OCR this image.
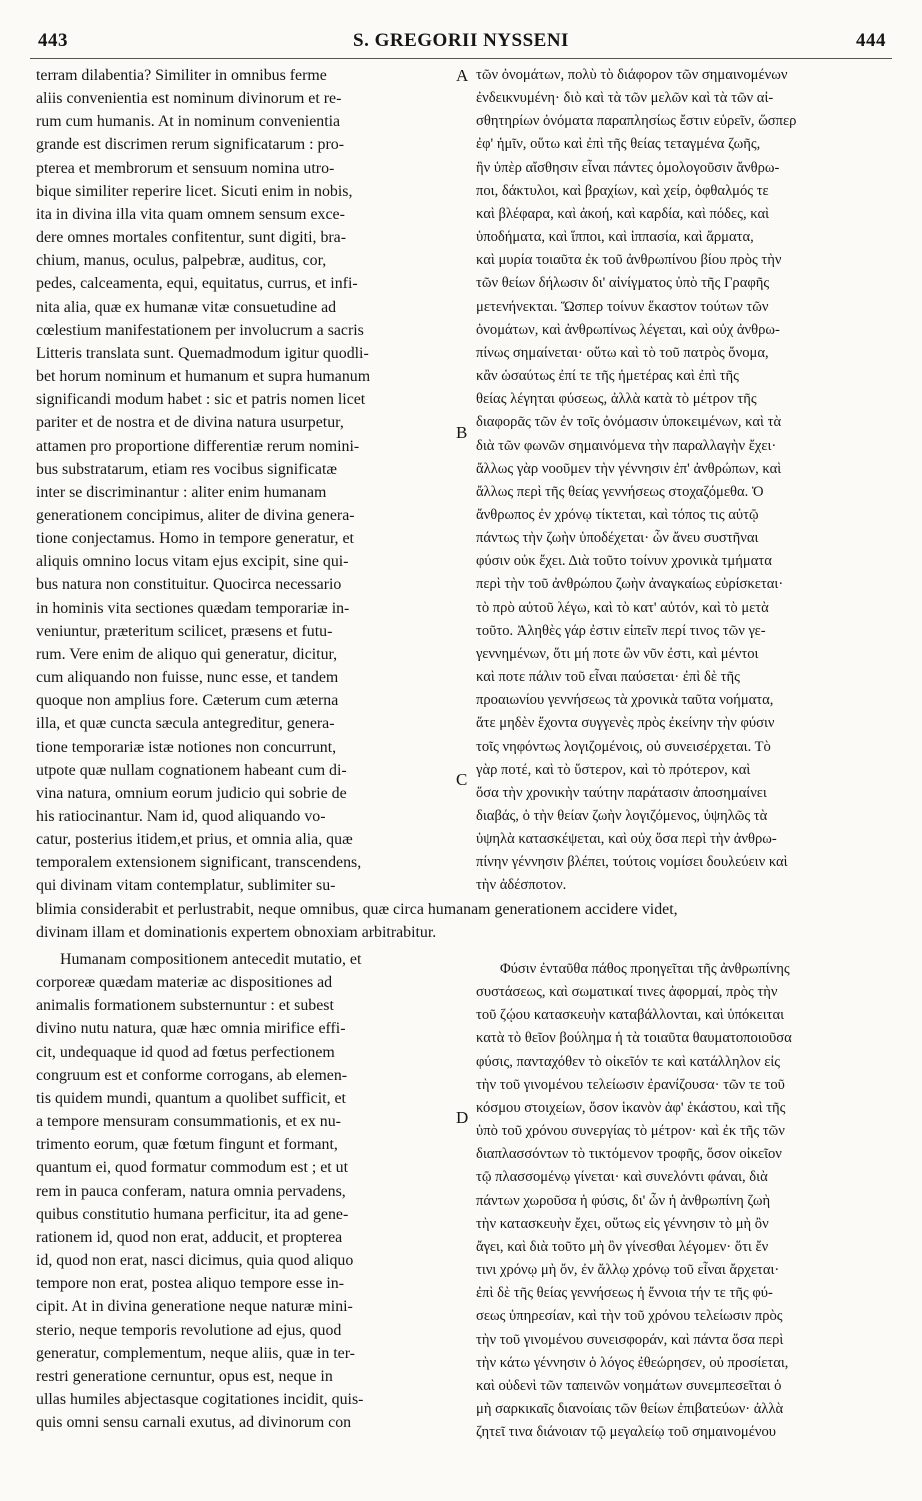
443	S. GREGORII NYSSENI	444
terram dilabentia? Similiter in omnibus ferme
aliis convenientia est nominum divinorum et re-
rum cum humanis. At in nominum convenientia
grande est discrimen rerum significatarum : pro-
pterea et membrorum et sensuum nomina utro-
bique similiter reperire licet. Sicuti enim in nobis,
ita in divina illa vita quam omnem sensum exce-
dere omnes mortales confitentur, sunt digiti, bra-
chium, manus, oculus, palpebræ, auditus, cor,
pedes, calceamenta, equi, equitatus, currus, et infi-
nita alia, quæ ex humanæ vitæ consuetudine ad
cœlestium manifestationem per involucrum a sacris
Litteris translata sunt. Quemadmodum igitur quodli-
bet horum nominum et humanum et supra humanum
significandi modum habet : sic et patris nomen licet
pariter et de nostra et de divina natura usurpetur,
attamen pro proportione differentiæ rerum nomini-
bus substratarum, etiam res vocibus significatæ
inter se discriminantur : aliter enim humanam
generationem concipimus, aliter de divina genera-
tione conjectamus. Homo in tempore generatur, et
aliquis omnino locus vitam ejus excipit, sine qui-
bus natura non constituitur. Quocirca necessario
in hominis vita sectiones quædam temporariæ in-
veniuntur, præteritum scilicet, præsens et futu-
rum. Vere enim de aliquo qui generatur, dicitur,
cum aliquando non fuisse, nunc esse, et tandem
quoque non amplius fore. Cæterum cum æterna
illa, et quæ cuncta sæcula antegreditur, genera-
tione temporariæ istæ notiones non concurrunt,
utpote quæ nullam cognationem habeant cum di-
vina natura, omnium eorum judicio qui sobrie de
his ratiocinantur. Nam id, quod aliquando vo-
catur, posterius itidem,et prius, et omnia alia, quæ
temporalem extensionem significant, transcendens,
qui divinam vitam contemplatur, sublimiter su-
τῶν ὀνομάτων, πολὺ τὸ διάφορον τῶν σημαινομένων
ἐνδεικνυμένη· διὸ καὶ τὰ τῶν μελῶν καὶ τὰ τῶν αἰ-
σθητηρίων ὀνόματα παραπλησίως ἔστιν εὑρεῖν, ὥσπερ
ἐφ' ἡμῖν, οὕτω καὶ ἐπὶ τῆς θείας τεταγμένα ζωῆς,
ἣν ὑπὲρ αἴσθησιν εἶναι πάντες ὁμολογοῦσιν ἄνθρω-
ποι, δάκτυλοι, καὶ βραχίων, καὶ χείρ, ὀφθαλμός τε
καὶ βλέφαρα, καὶ ἀκοή, καὶ καρδία, καὶ πόδες, καὶ
ὑποδήματα, καὶ ἵπποι, καὶ ἱππασία, καὶ ἅρματα,
καὶ μυρία τοιαῦτα ἐκ τοῦ ἀνθρωπίνου βίου πρὸς τὴν
τῶν θείων δήλωσιν δι' αἰνίγματος ὑπὸ τῆς Γραφῆς
μετενήνεκται. Ὥσπερ τοίνυν ἕκαστον τούτων τῶν
ὀνομάτων, καὶ ἀνθρωπίνως λέγεται, καὶ οὐχ ἀνθρω-
πίνως σημαίνεται· οὕτω καὶ τὸ τοῦ πατρὸς ὄνομα,
κἂν ὡσαύτως ἐπί τε τῆς ἡμετέρας καὶ ἐπὶ τῆς
θείας λέγηται φύσεως, ἀλλὰ κατὰ τὸ μέτρον τῆς
διαφορᾶς τῶν ἐν τοῖς ὀνόμασιν ὑποκειμένων, καὶ τὰ
διὰ τῶν φωνῶν σημαινόμενα τὴν παραλλαγὴν ἔχει·
ἄλλως γὰρ νοοῦμεν τὴν γέννησιν ἐπ' ἀνθρώπων, καὶ
ἄλλως περὶ τῆς θείας γεννήσεως στοχαζόμεθα. Ὁ
ἄνθρωπος ἐν χρόνῳ τίκτεται, καὶ τόπος τις αὐτῷ
πάντως τὴν ζωὴν ὑποδέχεται· ὧν ἄνευ συστῆναι
φύσιν οὐκ ἔχει. Διὰ τοῦτο τοίνυν χρονικὰ τμήματα
περὶ τὴν τοῦ ἀνθρώπου ζωὴν ἀναγκαίως εὑρίσκεται·
τὸ πρὸ αὐτοῦ λέγω, καὶ τὸ κατ' αὐτόν, καὶ τὸ μετὰ
τοῦτο. Ἀληθὲς γάρ ἐστιν εἰπεῖν περί τινος τῶν γε-
γεννημένων, ὅτι μή ποτε ὢν νῦν ἐστι, καὶ μέντοι
καὶ ποτε πάλιν τοῦ εἶναι παύσεται· ἐπὶ δὲ τῆς
προαιωνίου γεννήσεως τὰ χρονικὰ ταῦτα νοήματα,
ἅτε μηδὲν ἔχοντα συγγενὲς πρὸς ἐκείνην τὴν φύσιν
τοῖς νηφόντως λογιζομένοις, οὐ συνεισέρχεται. Τὸ
γὰρ ποτέ, καὶ τὸ ὕστερον, καὶ τὸ πρότερον, καὶ
ὅσα τὴν χρονικὴν ταύτην παράτασιν ἀποσημαίνει
διαβάς, ὁ τὴν θείαν ζωὴν λογιζόμενος, ὑψηλῶς τὰ
ὑψηλὰ κατασκέψεται, καὶ οὐχ ὅσα περὶ τὴν ἀνθρω-
πίνην γέννησιν βλέπει, τούτοις νομίσει δουλεύειν καὶ
τὴν ἀδέσποτον.
blimia considerabit et perlustrabit, neque omnibus, quæ circa humanam generationem accidere videt,
divinam illam et dominationis expertem obnoxiam arbitrabitur.
Humanam compositionem antecedit mutatio, et
corporeæ quædam materiæ ac dispositiones ad
animalis formationem substernuntur : et subest
divino nutu natura, quæ hæc omnia mirifice effi-
cit, undequaque id quod ad fœtus perfectionem
congruum est et conforme corrogans, ab elemen-
tis quidem mundi, quantum a quolibet sufficit, et
a tempore mensuram consummationis, et ex nu-
trimento eorum, quæ fœtum fingunt et formant,
quantum ei, quod formatur commodum est ; et ut
rem in pauca conferam, natura omnia pervadens,
quibus constitutio humana perficitur, ita ad gene-
rationem id, quod non erat, adducit, et propterea
id, quod non erat, nasci dicimus, quia quod aliquo
tempore non erat, postea aliquo tempore esse in-
cipit. At in divina generatione neque naturæ mini-
sterio, neque temporis revolutione ad ejus, quod
generatur, complementum, neque aliis, quæ in ter-
restri generatione cernuntur, opus est, neque in
ullas humiles abjectasque cogitationes incidit, quis-
quis omni sensu carnali exutus, ad divinorum con
Φύσιν ἐνταῦθα πάθος προηγεῖται τῆς ἀνθρωπίνης
συστάσεως, καὶ σωματικαί τινες ἀφορμαί, πρὸς τὴν
τοῦ ζῴου κατασκευὴν καταβάλλονται, καὶ ὑπόκειται
κατὰ τὸ θεῖον βούλημα ἡ τὰ τοιαῦτα θαυματοποιοῦσα
φύσις, πανταχόθεν τὸ οἰκεῖόν τε καὶ κατάλληλον εἰς
τὴν τοῦ γινομένου τελείωσιν ἐρανίζουσα· τῶν τε τοῦ
κόσμου στοιχείων, ὅσον ἱκανὸν ἀφ' ἑκάστου, καὶ τῆς
ὑπὸ τοῦ χρόνου συνεργίας τὸ μέτρον· καὶ ἐκ τῆς τῶν
διαπλασσόντων τὸ τικτόμενον τροφῆς, ὅσον οἰκεῖον
τῷ πλασσομένῳ γίνεται· καὶ συνελόντι φάναι, διὰ
πάντων χωροῦσα ἡ φύσις, δι' ὧν ἡ ἀνθρωπίνη ζωὴ
τὴν κατασκευὴν ἔχει, οὕτως εἰς γέννησιν τὸ μὴ ὂν
ἄγει, καὶ διὰ τοῦτο μὴ ὂν γίνεσθαι λέγομεν· ὅτι ἔν
τινι χρόνῳ μὴ ὄν, ἐν ἄλλῳ χρόνῳ τοῦ εἶναι ἄρχεται·
ἐπὶ δὲ τῆς θείας γεννήσεως ἡ ἔννοια τήν τε τῆς φύ-
σεως ὑπηρεσίαν, καὶ τὴν τοῦ χρόνου τελείωσιν πρὸς
τὴν τοῦ γινομένου συνεισφοράν, καὶ πάντα ὅσα περὶ
τὴν κάτω γέννησιν ὁ λόγος ἐθεώρησεν, οὐ προσίεται,
καὶ οὐδενὶ τῶν ταπεινῶν νοημάτων συνεμπεσεῖται ὁ
μὴ σαρκικαῖς διανοίαις τῶν θείων ἐπιβατεύων· ἀλλὰ
ζητεῖ τινα διάνοιαν τῷ μεγαλείῳ τοῦ σημαινομένου
A
B
C
D
